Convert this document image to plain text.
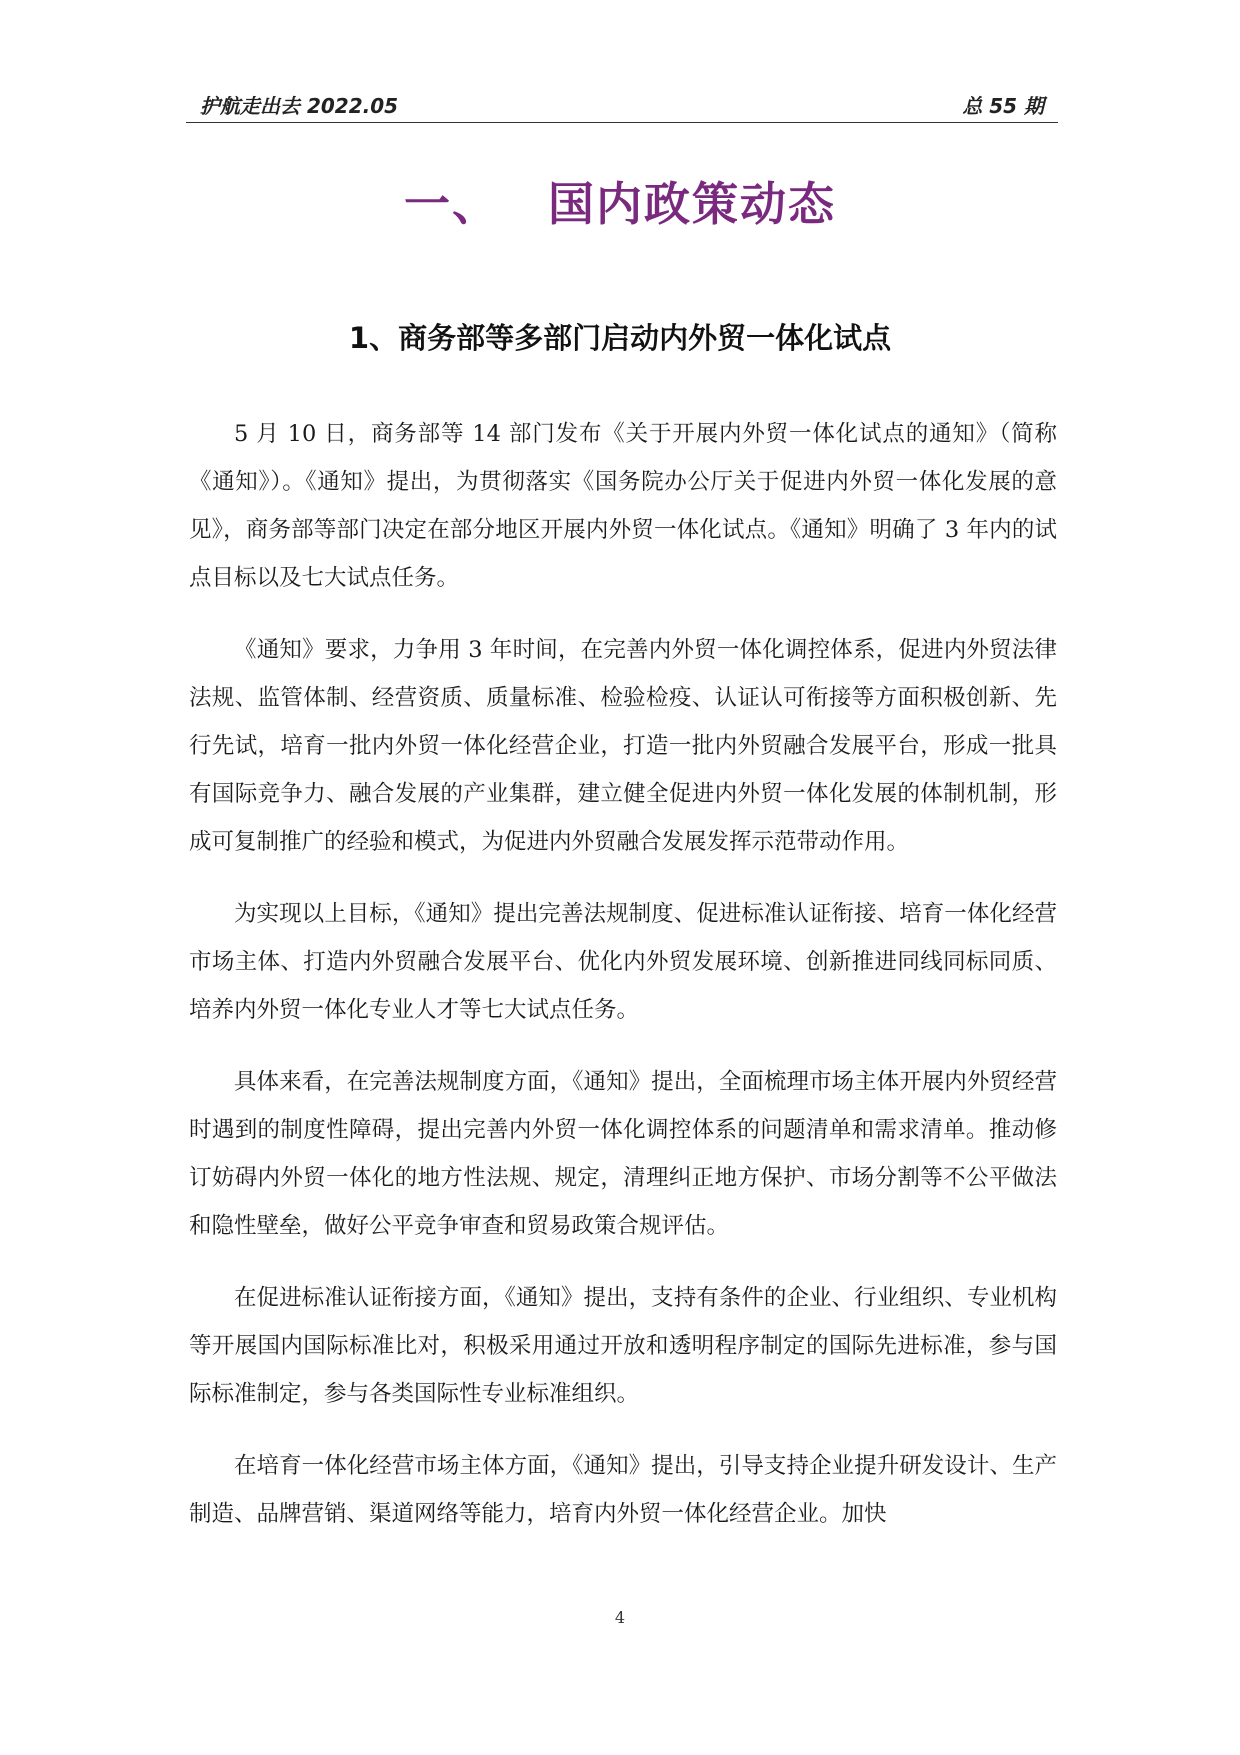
护航走出去 2022.05	总 55 期
一、 国内政策动态
1、商务部等多部门启动内外贸一体化试点

5 月 10 日，商务部等 14 部门发布《关于开展内外贸一体化试点的通知》（简称《通知》）。《通知》提出，为贯彻落实《国务院办公厅关于促进内外贸一体化发展的意见》，商务部等部门决定在部分地区开展内外贸一体化试点。《通知》明确了 3 年内的试点目标以及七大试点任务。

《通知》要求，力争用 3 年时间，在完善内外贸一体化调控体系，促进内外贸法律法规、监管体制、经营资质、质量标准、检验检疫、认证认可衔接等方面积极创新、先行先试，培育一批内外贸一体化经营企业，打造一批内外贸融合发展平台，形成一批具有国际竞争力、融合发展的产业集群，建立健全促进内外贸一体化发展的体制机制，形成可复制推广的经验和模式，为促进内外贸融合发展发挥示范带动作用。

为实现以上目标，《通知》提出完善法规制度、促进标准认证衔接、培育一体化经营市场主体、打造内外贸融合发展平台、优化内外贸发展环境、创新推进同线同标同质、培养内外贸一体化专业人才等七大试点任务。

具体来看，在完善法规制度方面，《通知》提出，全面梳理市场主体开展内外贸经营时遇到的制度性障碍，提出完善内外贸一体化调控体系的问题清单和需求清单。推动修订妨碍内外贸一体化的地方性法规、规定，清理纠正地方保护、市场分割等不公平做法和隐性壁垒，做好公平竞争审查和贸易政策合规评估。

在促进标准认证衔接方面，《通知》提出，支持有条件的企业、行业组织、专业机构等开展国内国际标准比对，积极采用通过开放和透明程序制定的国际先进标准，参与国际标准制定，参与各类国际性专业标准组织。

在培育一体化经营市场主体方面，《通知》提出，引导支持企业提升研发设计、生产制造、品牌营销、渠道网络等能力，培育内外贸一体化经营企业。加快

4
